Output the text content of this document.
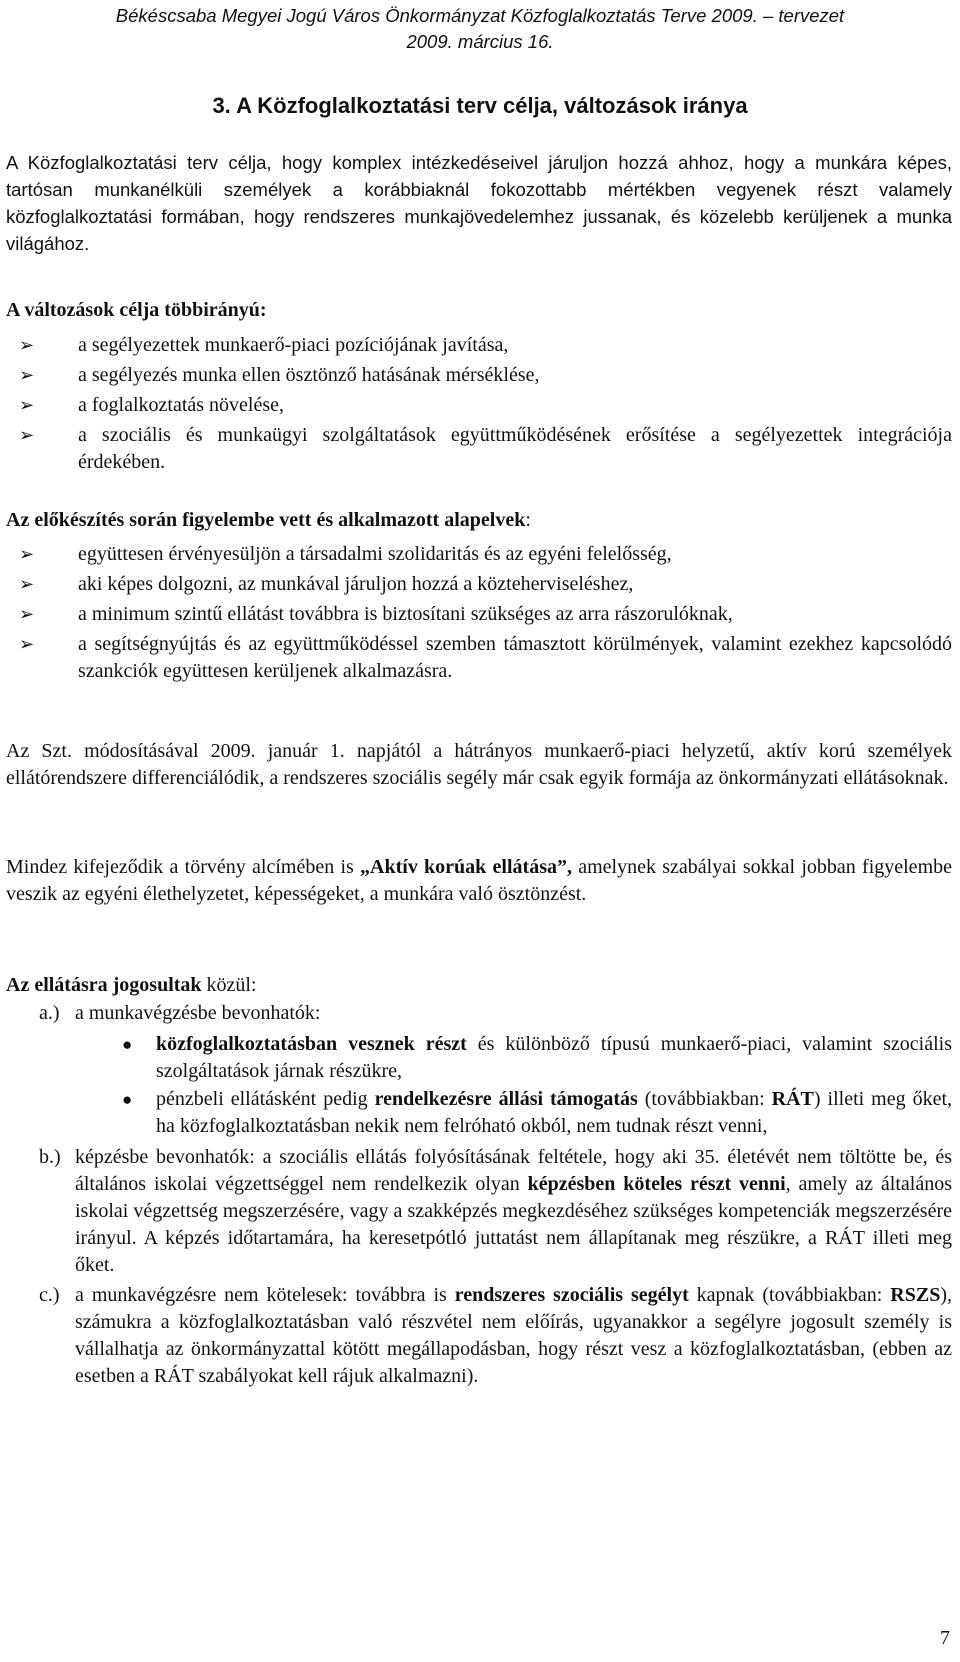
Békéscsaba Megyei Jogú Város Önkormányzat Közfoglalkoztatás Terve 2009. – tervezet
2009. március 16.
3. A Közfoglalkoztatási terv célja, változások iránya

A Közfoglalkoztatási terv célja, hogy komplex intézkedéseivel járuljon hozzá ahhoz, hogy a munkára képes, tartósan munkanélküli személyek a korábbiaknál fokozottabb mértékben vegyenek részt valamely közfoglalkoztatási formában, hogy rendszeres munkajövedelemhez jussanak, és közelebb kerüljenek a munka világához.

A változások célja többirányú:

➢ a segélyezettek munkaerő-piaci pozíciójának javítása,
➢ a segélyezés munka ellen ösztönző hatásának mérséklése,
➢ a foglalkoztatás növelése,
➢ a szociális és munkaügyi szolgáltatások együttműködésének erősítése a segélyezettek integrációja érdekében.

Az előkészítés során figyelembe vett és alkalmazott alapelvek:

➢ együttesen érvényesüljön a társadalmi szolidaritás és az egyéni felelősség,
➢ aki képes dolgozni, az munkával járuljon hozzá a közteherviseléshez,
➢ a minimum szintű ellátást továbbra is biztosítani szükséges az arra rászorulóknak,
➢ a segítségnyújtás és az együttműködéssel szemben támasztott körülmények, valamint ezekhez kapcsolódó szankciók együttesen kerüljenek alkalmazásra.

Az Szt. módosításával 2009. január 1. napjától a hátrányos munkaerő-piaci helyzetű, aktív korú személyek ellátórendszere differenciálódik, a rendszeres szociális segély már csak egyik formája az önkormányzati ellátásoknak.

Mindez kifejeződik a törvény alcímében is „Aktív korúak ellátása”, amelynek szabályai sokkal jobban figyelembe veszik az egyéni élethelyzetet, képességeket, a munkára való ösztönzést.

Az ellátásra jogosultak közül:

a.) a munkavégzésbe bevonhatók:
● közfoglalkoztatásban vesznek részt és különböző típusú munkaerő-piaci, valamint szociális szolgáltatások járnak részükre,
● pénzbeli ellátásként pedig rendelkezésre állási támogatás (továbbiakban: RÁT) illeti meg őket, ha közfoglalkoztatásban nekik nem felróható okból, nem tudnak részt venni,
b.) képzésbe bevonhatók: a szociális ellátás folyósításának feltétele, hogy aki 35. életévét nem töltötte be, és általános iskolai végzettséggel nem rendelkezik olyan képzésben köteles részt venni, amely az általános iskolai végzettség megszerzésére, vagy a szakképzés megkezdéséhez szükséges kompetenciák megszerzésére irányul. A képzés időtartamára, ha keresetpótló juttatást nem állapítanak meg részükre, a RÁT illeti meg őket.
c.) a munkavégzésre nem kötelesek: továbbra is rendszeres szociális segélyt kapnak (továbbiakban: RSZS), számukra a közfoglalkoztatásban való részvétel nem előírás, ugyanakkor a segélyre jogosult személy is vállalhatja az önkormányzattal kötött megállapodásban, hogy részt vesz a közfoglalkoztatásban, (ebben az esetben a RÁT szabályokat kell rájuk alkalmazni).
7
